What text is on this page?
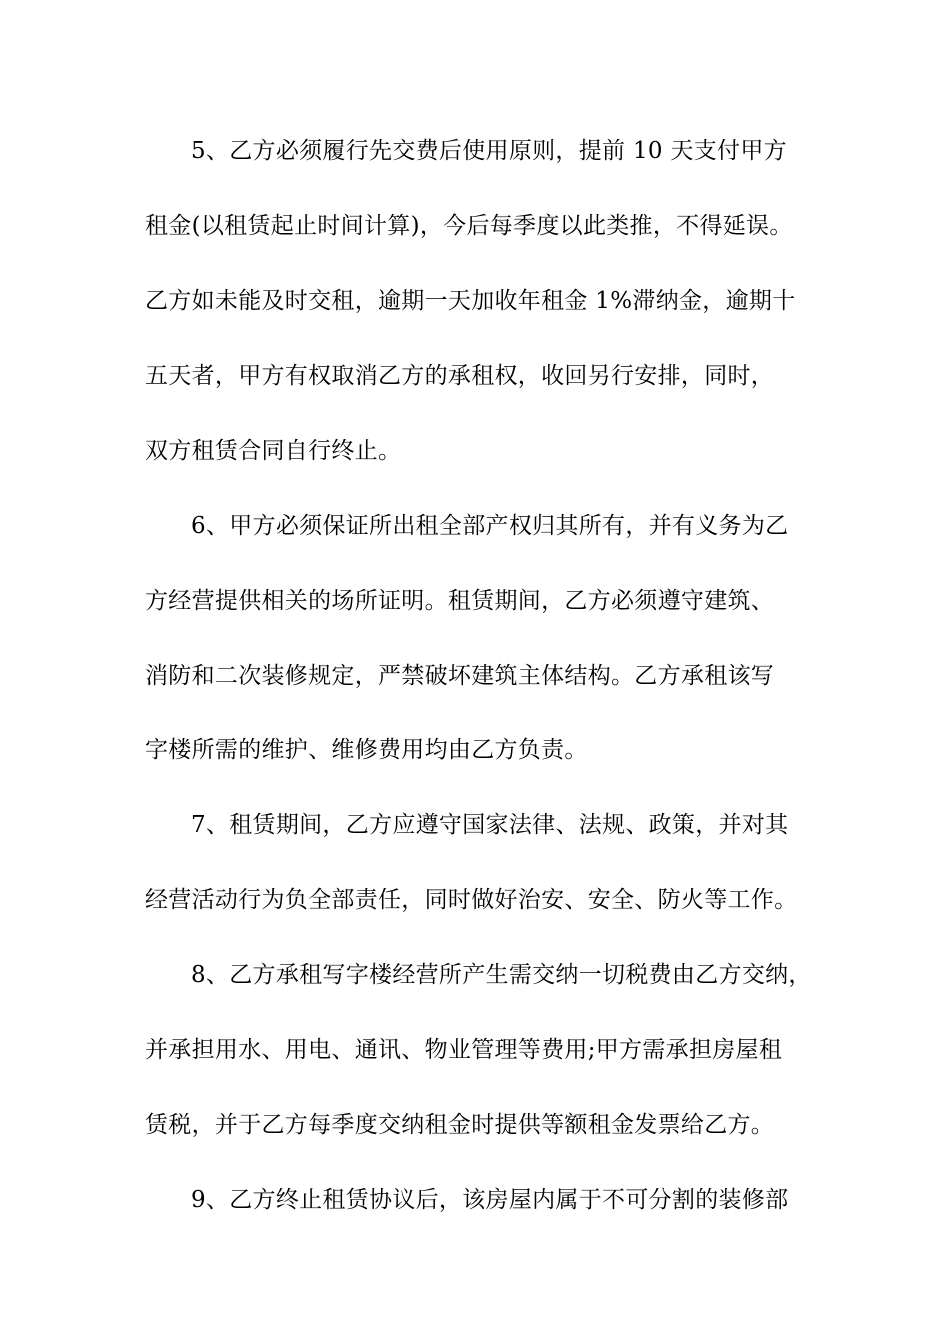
5、乙方必须履行先交费后使用原则，提前 10 天支付甲方
租金(以租赁起止时间计算)，今后每季度以此类推，不得延误。
乙方如未能及时交租，逾期一天加收年租金 1%滞纳金，逾期十
五天者，甲方有权取消乙方的承租权，收回另行安排，同时，
双方租赁合同自行终止。
6、甲方必须保证所出租全部产权归其所有，并有义务为乙
方经营提供相关的场所证明。租赁期间，乙方必须遵守建筑、
消防和二次装修规定，严禁破坏建筑主体结构。乙方承租该写
字楼所需的维护、维修费用均由乙方负责。
7、租赁期间，乙方应遵守国家法律、法规、政策，并对其
经营活动行为负全部责任，同时做好治安、安全、防火等工作。
8、乙方承租写字楼经营所产生需交纳一切税费由乙方交纳，
并承担用水、用电、通讯、物业管理等费用;甲方需承担房屋租
赁税，并于乙方每季度交纳租金时提供等额租金发票给乙方。
9、乙方终止租赁协议后，该房屋内属于不可分割的装修部
